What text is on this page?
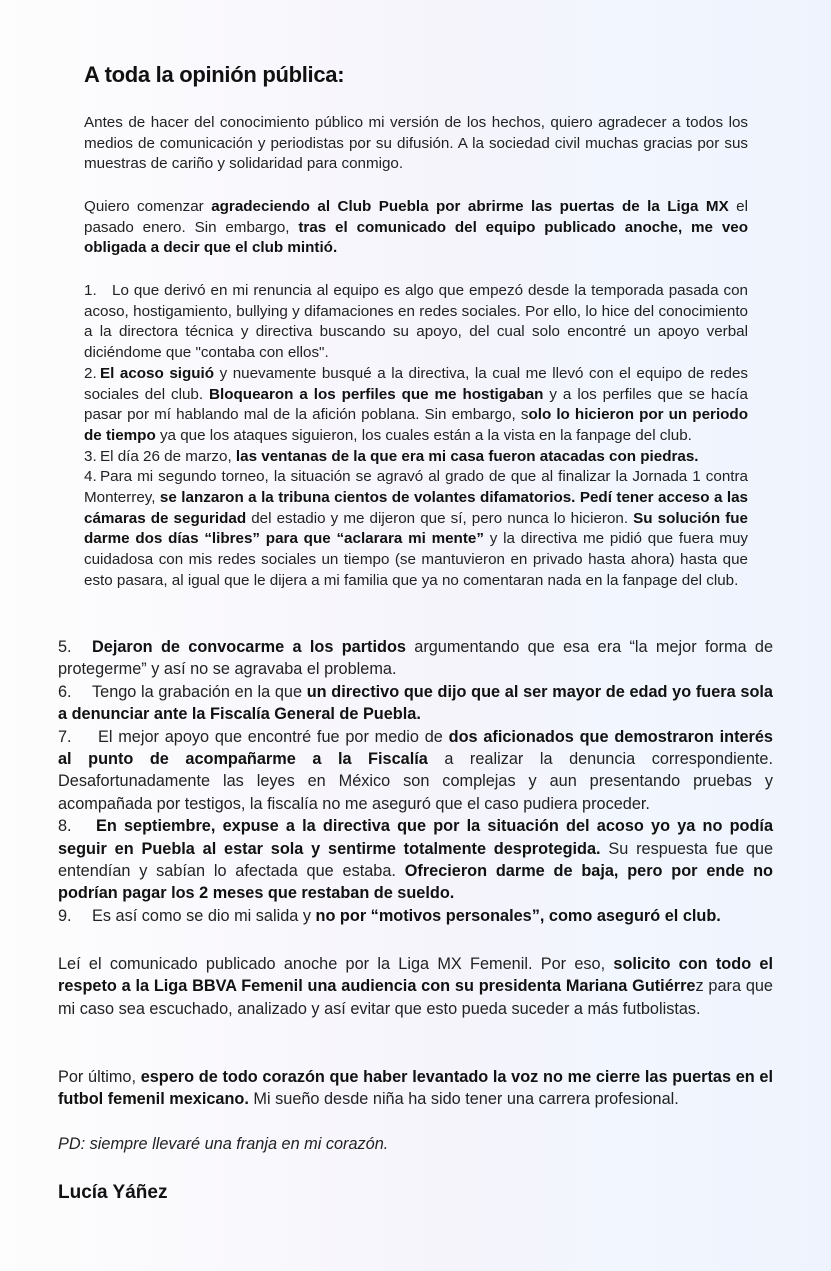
A toda la opinión pública:

Antes de hacer del conocimiento público mi versión de los hechos, quiero agradecer a todos los medios de comunicación y periodistas por su difusión. A la sociedad civil muchas gracias por sus muestras de cariño y solidaridad para conmigo.

Quiero comenzar agradeciendo al Club Puebla por abrirme las puertas de la Liga MX el pasado enero. Sin embargo, tras el comunicado del equipo publicado anoche, me veo obligada a decir que el club mintió.

1. Lo que derivó en mi renuncia al equipo es algo que empezó desde la temporada pasada con acoso, hostigamiento, bullying y difamaciones en redes sociales. Por ello, lo hice del conocimiento a la directora técnica y directiva buscando su apoyo, del cual solo encontré un apoyo verbal diciéndome que "contaba con ellos".

2. El acoso siguió y nuevamente busqué a la directiva, la cual me llevó con el equipo de redes sociales del club. Bloquearon a los perfiles que me hostigaban y a los perfiles que se hacía pasar por mí hablando mal de la afición poblana. Sin embargo, solo lo hicieron por un periodo de tiempo ya que los ataques siguieron, los cuales están a la vista en la fanpage del club.

3. El día 26 de marzo, las ventanas de la que era mi casa fueron atacadas con piedras.

4. Para mi segundo torneo, la situación se agravó al grado de que al finalizar la Jornada 1 contra Monterrey, se lanzaron a la tribuna cientos de volantes difamatorios. Pedí tener acceso a las cámaras de seguridad del estadio y me dijeron que sí, pero nunca lo hicieron. Su solución fue darme dos días “libres” para que “aclarara mi mente” y la directiva me pidió que fuera muy cuidadosa con mis redes sociales un tiempo (se mantuvieron en privado hasta ahora) hasta que esto pasara, al igual que le dijera a mi familia que ya no comentaran nada en la fanpage del club.

5. Dejaron de convocarme a los partidos argumentando que esa era “la mejor forma de protegerme” y así no se agravaba el problema.

6. Tengo la grabación en la que un directivo que dijo que al ser mayor de edad yo fuera sola a denunciar ante la Fiscalía General de Puebla.

7. El mejor apoyo que encontré fue por medio de dos aficionados que demostraron interés al punto de acompañarme a la Fiscalía a realizar la denuncia correspondiente. Desafortunadamente las leyes en México son complejas y aun presentando pruebas y acompañada por testigos, la fiscalía no me aseguró que el caso pudiera proceder.

8. En septiembre, expuse a la directiva que por la situación del acoso yo ya no podía seguir en Puebla al estar sola y sentirme totalmente desprotegida. Su respuesta fue que entendían y sabían lo afectada que estaba. Ofrecieron darme de baja, pero por ende no podrían pagar los 2 meses que restaban de sueldo.

9. Es así como se dio mi salida y no por “motivos personales”, como aseguró el club.

Leí el comunicado publicado anoche por la Liga MX Femenil. Por eso, solicito con todo el respeto a la Liga BBVA Femenil una audiencia con su presidenta Mariana Gutiérrez para que mi caso sea escuchado, analizado y así evitar que esto pueda suceder a más futbolistas.

Por último, espero de todo corazón que haber levantado la voz no me cierre las puertas en el futbol femenil mexicano. Mi sueño desde niña ha sido tener una carrera profesional.

PD: siempre llevaré una franja en mi corazón.

Lucía Yáñez
